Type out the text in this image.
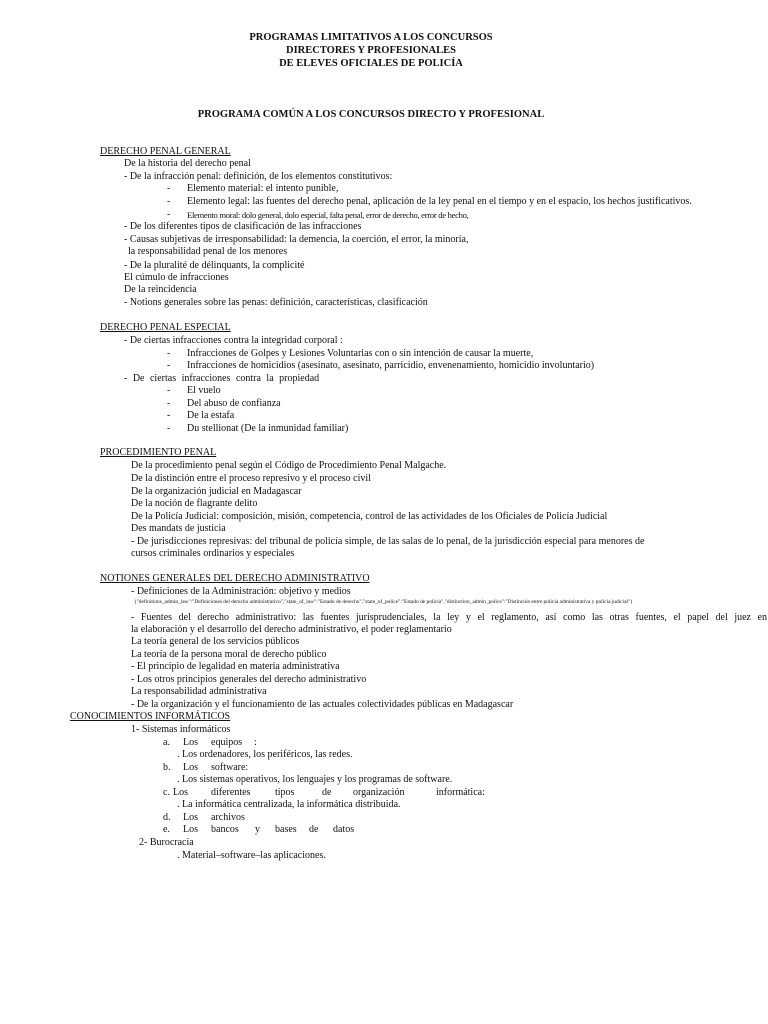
PROGRAMAS LIMITATIVOS A LOS CONCURSOS
DIRECTORES Y PROFESIONALES
DE ELEVES OFICIALES DE POLICÍA
PROGRAMA COMÚN A LOS CONCURSOS DIRECTO Y PROFESIONAL
DERECHO PENAL GENERAL
De la historia del derecho penal
- De la infracción penal: definición, de los elementos constitutivos:
- Elemento material: el intento punible,
- Elemento legal: las fuentes del derecho penal, aplicación de la ley penal en el tiempo y en el espacio, los hechos justificativos.
- Elemento moral: dolo general, dolo especial, falta penal, error de derecho, error de hecho,
- De los diferentes tipos de clasificación de las infracciones
- Causas subjetivas de irresponsabilidad: la demencia, la coerción, el error, la minoría,
la responsabilidad penal de los menores
- De la pluralité de délinquants, la complicité
El cúmulo de infracciones
De la reincidencia
- Notions generales sobre las penas: definición, características, clasificación
DERECHO PENAL ESPECIAL
- De ciertas infracciones contra la integridad corporal :
- Infracciones de Golpes y Lesiones Voluntarias con o sin intención de causar la muerte,
- Infracciones de homicidios (asesinato, asesinato, parricidio, envenenamiento, homicidio involuntario)
- De ciertas infracciones contra la propiedad
- El vuelo
- Del abuso de confianza
- De la estafa
- Du stellionat (De la inmunidad familiar)
PROCEDIMIENTO PENAL
De la procedimiento penal según el Código de Procedimiento Penal Malgache.
De la distinción entre el proceso represivo y el proceso civil
De la organización judicial en Madagascar
De la noción de flagrante delito
De la Policía Judicial: composición, misión, competencia, control de las actividades de los Oficiales de Policía Judicial
Des mandats de justicia
- De jurisdicciones represivas: del tribunal de policía simple, de las salas de lo penal, de la jurisdicción especial para menores de
cursos criminales ordinarios y especiales
NOTIONES GENERALES DEL DERECHO ADMINISTRATIVO
- Definiciones de la Administración: objetivo y medios
{"definitions_admin_law":"Definiciones del derecho administrativo","state_of_law":"Estado de derecho","state_of_police":"Estado de policía","distinction_admin_police":"Distinción entre policía administrativa y policía judicial"}
- Fuentes del derecho administrativo: las fuentes jurisprudenciales, la ley y el reglamento, así como las otras fuentes, el papel del juez en
la elaboración y el desarrollo del derecho administrativo, el poder reglamentario
La teoría general de los servicios públicos
La teoría de la persona moral de derecho público
- El principio de legalidad en materia administrativa
- Los otros principios generales del derecho administrativo
La responsabilidad administrativa
- De la organización y el funcionamiento de las actuales colectividades públicas en Madagascar
CONOCIMIENTOS INFORMÁTICOS
1- Sistemas informáticos
a. Los equipos :
. Los ordenadores, los periféricos, las redes.
b. Los software:
. Los sistemas operativos, los lenguajes y los programas de software.
c. Los diferentes tipos	de organización	informática:
. La informática centralizada, la informática distribuida.
d. Los archivos
e. Los bancos y bases de datos
2- Burocracia
. Material–software–las aplicaciones.
